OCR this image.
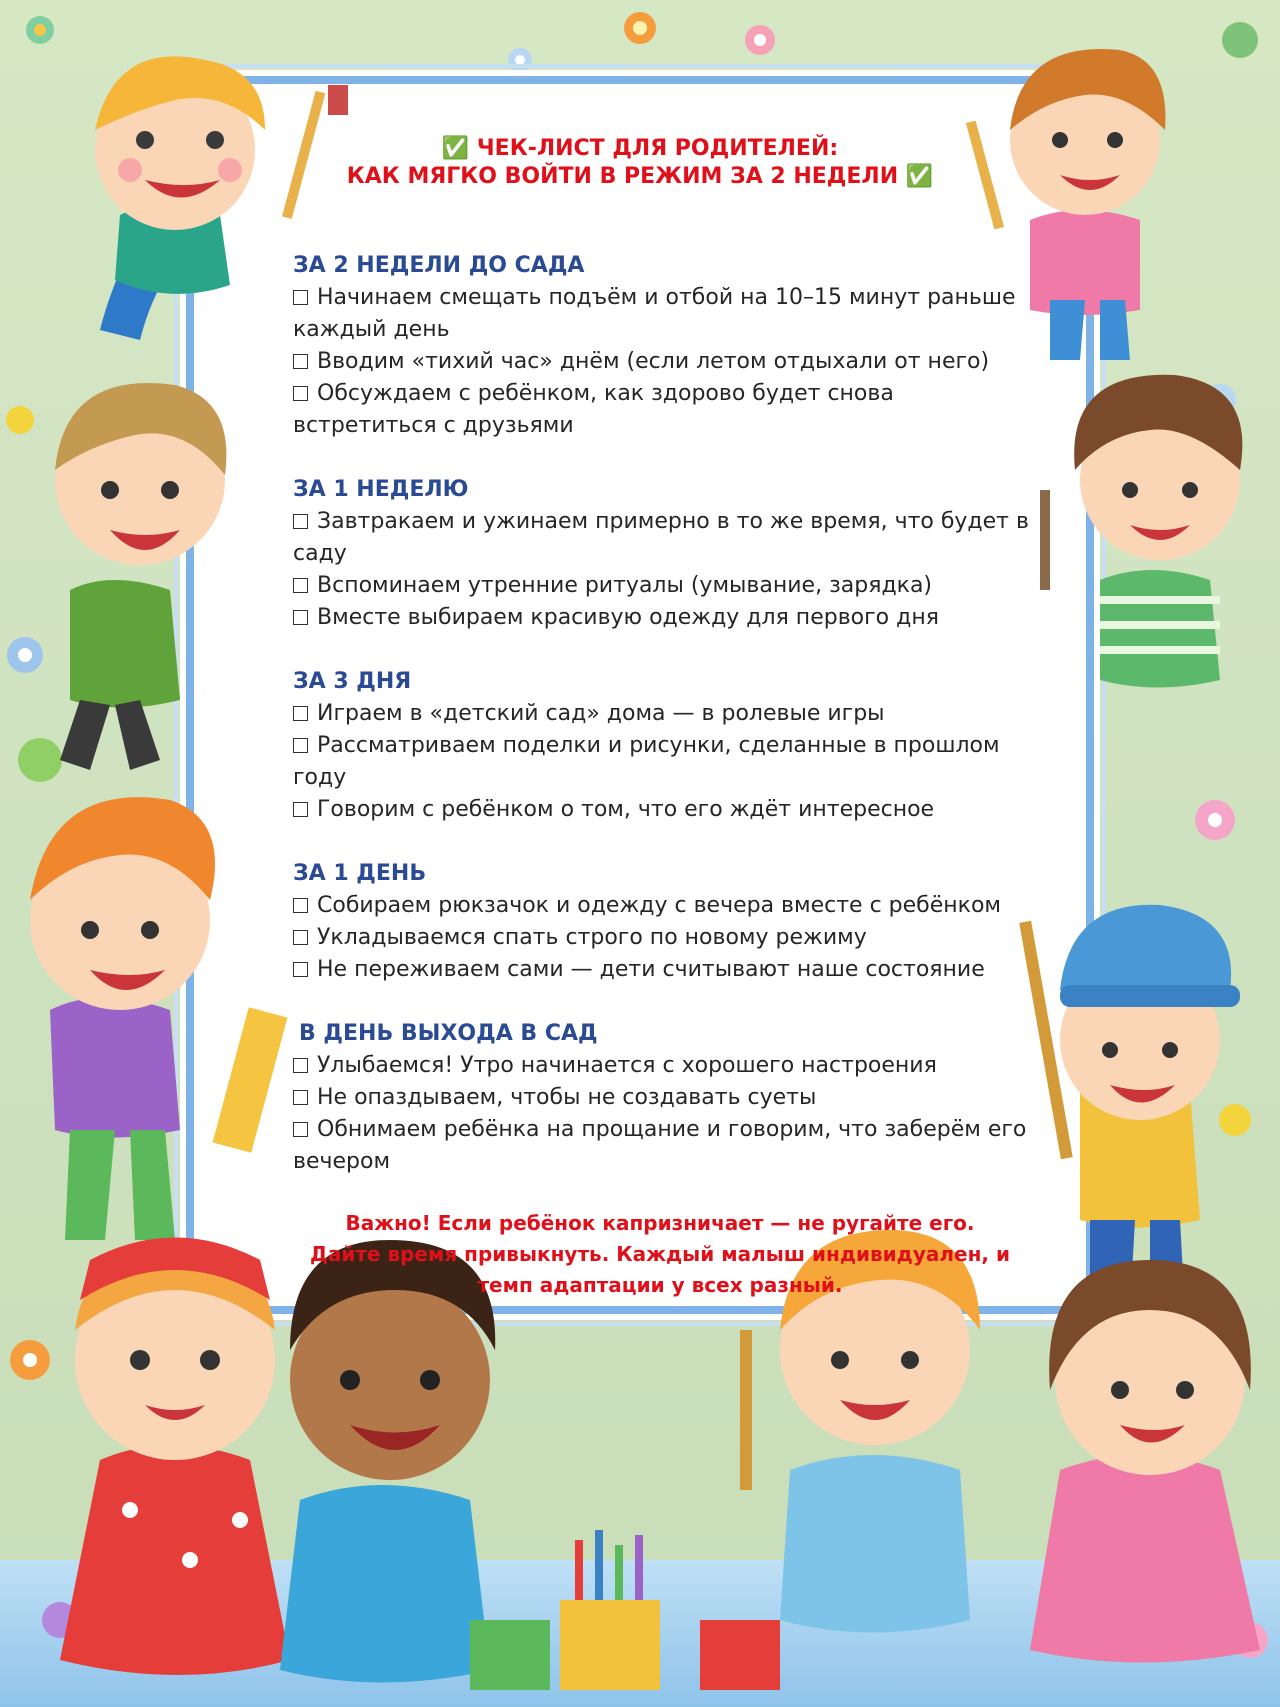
✅ ЧЕК-ЛИСТ ДЛЯ РОДИТЕЛЕЙ:
КАК МЯГКО ВОЙТИ В РЕЖИМ ЗА 2 НЕДЕЛИ ✅
ЗА 2 НЕДЕЛИ ДО САДА
Начинаем смещать подъём и отбой на 10–15 минут раньше каждый день
Вводим «тихий час» днём (если летом отдыхали от него)
Обсуждаем с ребёнком, как здорово будет снова встретиться с друзьями
ЗА 1 НЕДЕЛЮ
Завтракаем и ужинаем примерно в то же время, что будет в саду
Вспоминаем утренние ритуалы (умывание, зарядка)
Вместе выбираем красивую одежду для первого дня
ЗА 3 ДНЯ
Играем в «детский сад» дома — в ролевые игры
Рассматриваем поделки и рисунки, сделанные в прошлом году
Говорим с ребёнком о том, что его ждёт интересное
ЗА 1 ДЕНЬ
Собираем рюкзачок и одежду с вечера вместе с ребёнком
Укладываемся спать строго по новому режиму
Не переживаем сами — дети считывают наше состояние
В ДЕНЬ ВЫХОДА В САД
Улыбаемся! Утро начинается с хорошего настроения
Не опаздываем, чтобы не создавать суеты
Обнимаем ребёнка на прощание и говорим, что заберём его вечером
Важно! Если ребёнок капризничает — не ругайте его.
Дайте время привыкнуть. Каждый малыш индивидуален, и
темп адаптации у всех разный.
